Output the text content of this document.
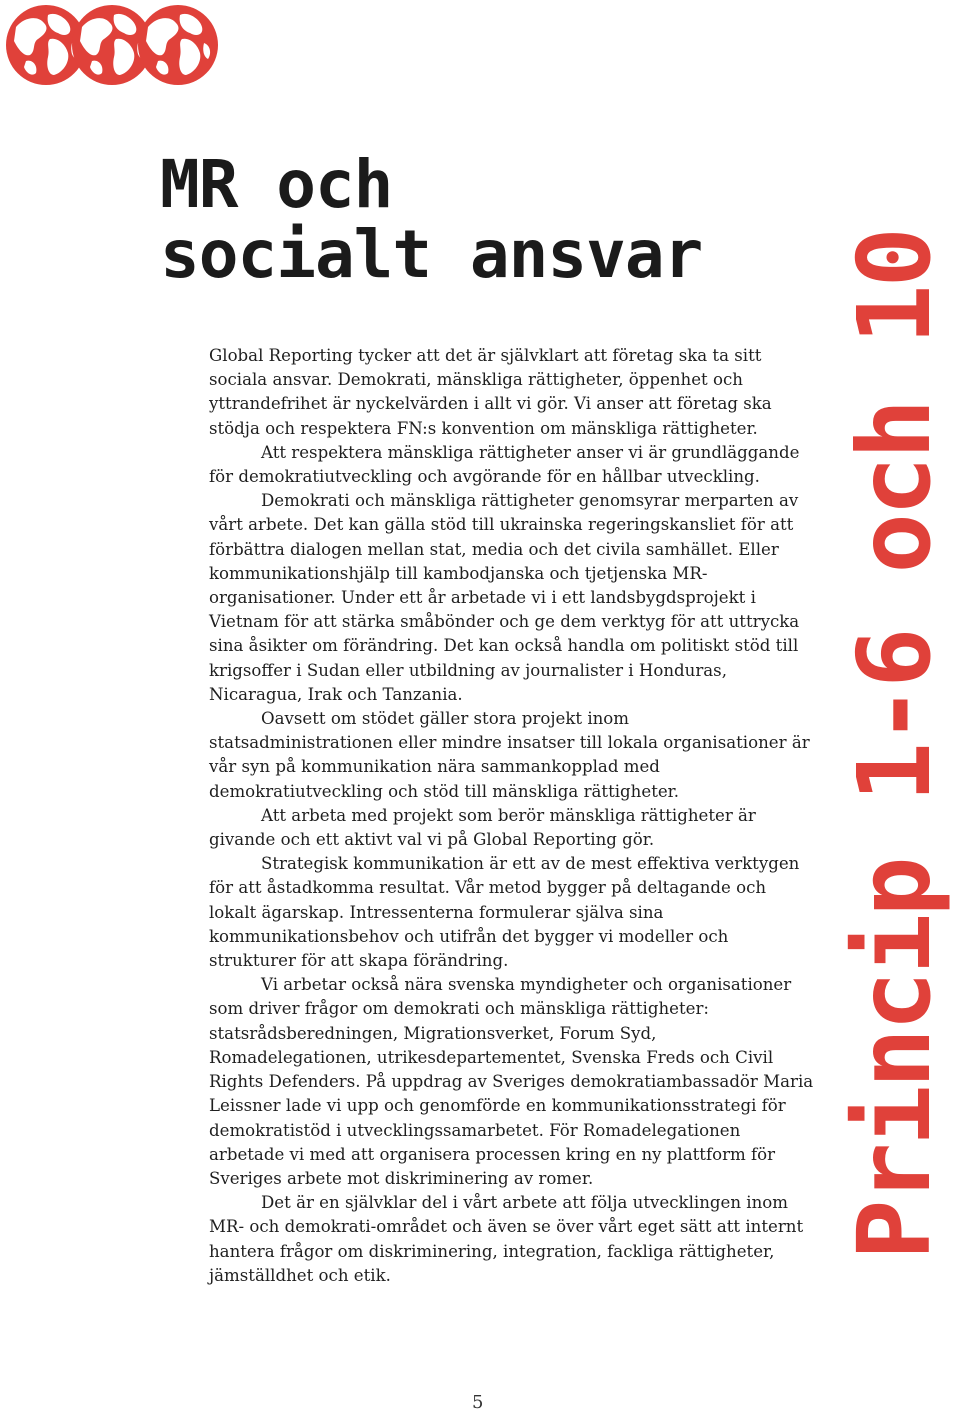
MR och
socialt ansvar Princip 1-6 och 10

Global Reporting tycker att det är självklart att företag ska ta sitt sociala ansvar. Demokrati, mänskliga rättigheter, öppenhet och yttrandefrihet är nyckelvärden i allt vi gör. Vi anser att företag ska stödja och respektera FN:s konvention om mänskliga rättigheter.

Att respektera mänskliga rättigheter anser vi är grundläggande för demokratiutveckling och avgörande för en hållbar utveckling.

Demokrati och mänskliga rättigheter genomsyrar merparten av vårt arbete. Det kan gälla stöd till ukrainska regeringskansliet för att förbättra dialogen mellan stat, media och det civila samhället. Eller kommunikationshjälp till kambodjanska och tjetjenska MR-organisationer. Under ett år arbetade vi i ett landsbygdsprojekt i Vietnam för att stärka småbönder och ge dem verktyg för att uttrycka sina åsikter om förändring. Det kan också handla om politiskt stöd till krigsoffer i Sudan eller utbildning av journalister i Honduras, Nicaragua, Irak och Tanzania.

Oavsett om stödet gäller stora projekt inom statsadministrationen eller mindre insatser till lokala organisationer är vår syn på kommunikation nära sammankopplad med demokratiutveckling och stöd till mänskliga rättigheter.

Att arbeta med projekt som berör mänskliga rättigheter är givande och ett aktivt val vi på Global Reporting gör.

Strategisk kommunikation är ett av de mest effektiva verktygen för att åstadkomma resultat. Vår metod bygger på deltagande och lokalt ägarskap. Intressenterna formulerar själva sina kommunikationsbehov och utifrån det bygger vi modeller och strukturer för att skapa förändring.

Vi arbetar också nära svenska myndigheter och organisationer som driver frågor om demokrati och mänskliga rättigheter: statsrådsberedningen, Migrationsverket, Forum Syd, Romadelegationen, utrikesdepartementet, Svenska Freds och Civil Rights Defenders. På uppdrag av Sveriges demokratiambassadör Maria Leissner lade vi upp och genomförde en kommunikationsstrategi för demokratistöd i utvecklingssamarbetet. För Romadelegationen arbetade vi med att organisera processen kring en ny plattform för Sveriges arbete mot diskriminering av romer.

Det är en självklar del i vårt arbete att följa utvecklingen inom MR- och demokrati-området och även se över vårt eget sätt att internt hantera frågor om diskriminering, integration, fackliga rättigheter, jämställdhet och etik.

5
